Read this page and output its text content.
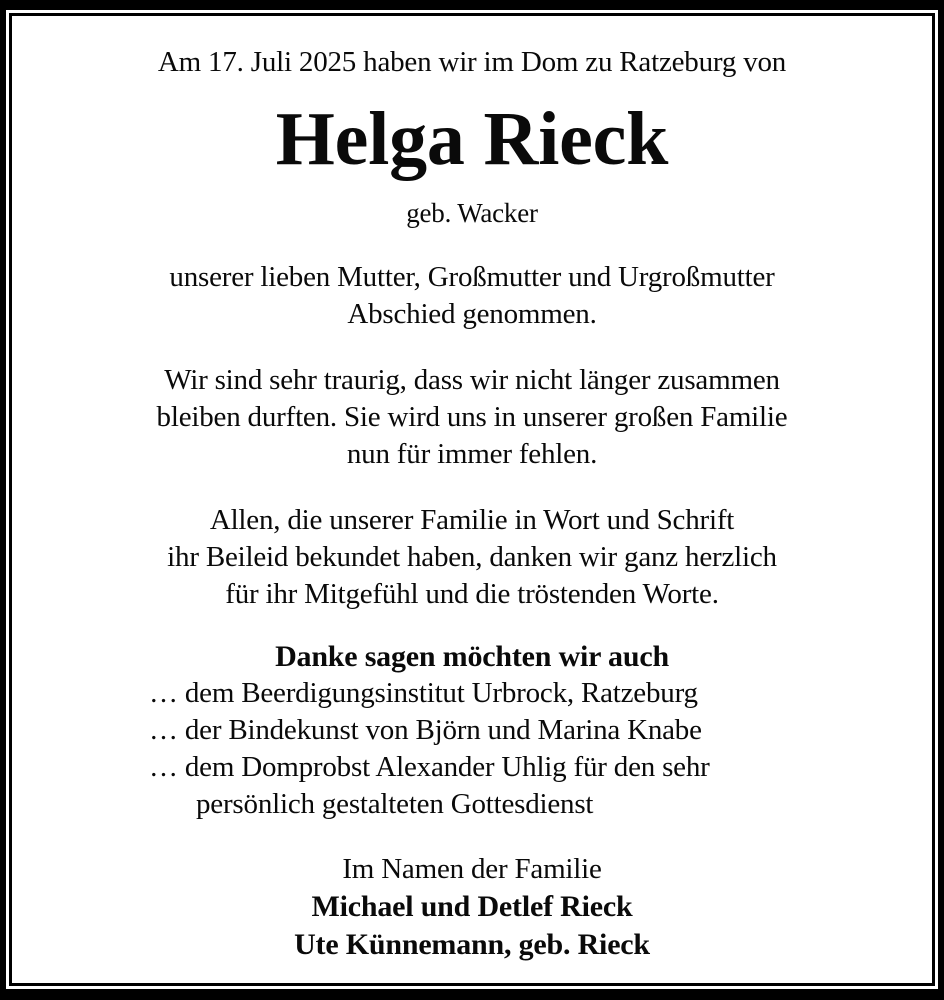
Am 17. Juli 2025 haben wir im Dom zu Ratzeburg von
Helga Rieck
geb. Wacker
unserer lieben Mutter, Großmutter und Urgroßmutter
Abschied genommen.
Wir sind sehr traurig, dass wir nicht länger zusammen
bleiben durften. Sie wird uns in unserer großen Familie
nun für immer fehlen.
Allen, die unserer Familie in Wort und Schrift
ihr Beileid bekundet haben, danken wir ganz herzlich
für ihr Mitgefühl und die tröstenden Worte.
Danke sagen möchten wir auch
… dem Beerdigungsinstitut Urbrock, Ratzeburg
… der Bindekunst von Björn und Marina Knabe
… dem Domprobst Alexander Uhlig für den sehr
persönlich gestalteten Gottesdienst
Im Namen der Familie
Michael und Detlef Rieck
Ute Künnemann, geb. Rieck
